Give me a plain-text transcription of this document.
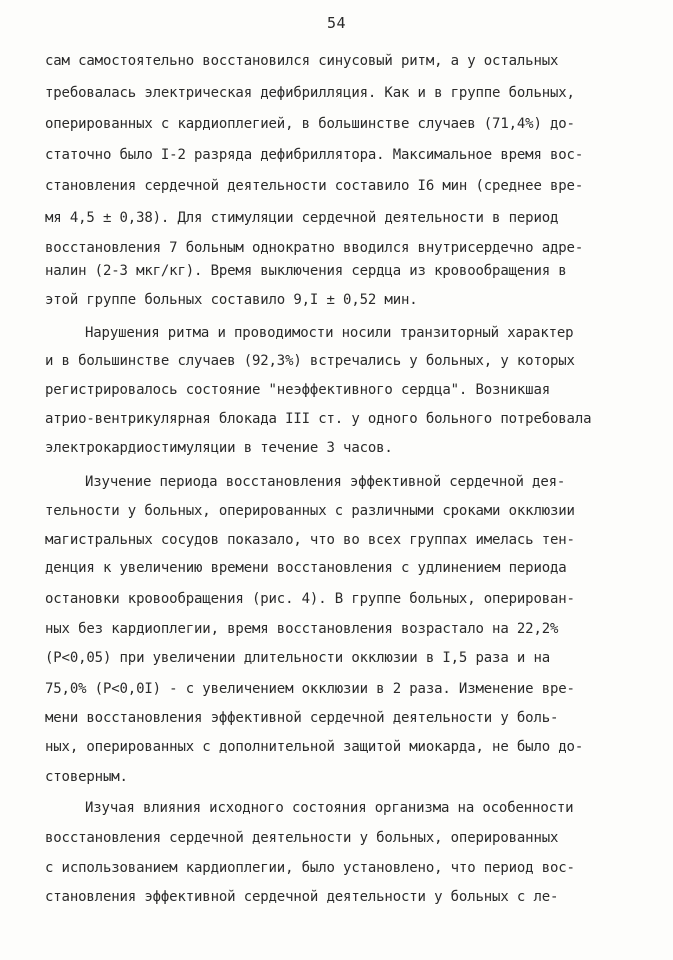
54
сам самостоятельно восстановился синусовый ритм, а у остальных
требовалась электрическая дефибрилляция. Как и в группе больных,
оперированных с кардиоплегией, в большинстве случаев (71,4%) до-
статочно было I-2 разряда дефибриллятора. Максимальное время вос-
становления сердечной деятельности составило I6 мин (среднее вре-
мя 4,5 ± 0,38). Для стимуляции сердечной деятельности в период
восстановления 7 больным однократно вводился внутрисердечно адре-
налин (2-3 мкг/кг). Время выключения сердца из кровообращения в
этой группе больных составило 9,I ± 0,52 мин.
Нарушения ритма и проводимости носили транзиторный характер
и в большинстве случаев (92,3%) встречались у больных, у которых
регистрировалось состояние "неэффективного сердца". Возникшая
атрио-вентрикулярная блокада III ст. у одного больного потребовала
электрокардиостимуляции в течение 3 часов.
Изучение периода восстановления эффективной сердечной дея-
тельности у больных, оперированных с различными сроками окклюзии
магистральных сосудов показало, что во всех группах имелась тен-
денция к увеличению времени восстановления с удлинением периода
остановки кровообращения (рис. 4). В группе больных, оперирован-
ных без кардиоплегии, время восстановления возрастало на 22,2%
(P<0,05) при увеличении длительности окклюзии в I,5 раза и на
75,0% (P<0,0I) - с увеличением окклюзии в 2 раза. Изменение вре-
мени восстановления эффективной сердечной деятельности у боль-
ных, оперированных с дополнительной защитой миокарда, не было до-
стоверным.
Изучая влияния исходного состояния организма на особенности
восстановления сердечной деятельности у больных, оперированных
с использованием кардиоплегии, было установлено, что период вос-
становления эффективной сердечной деятельности у больных с ле-
